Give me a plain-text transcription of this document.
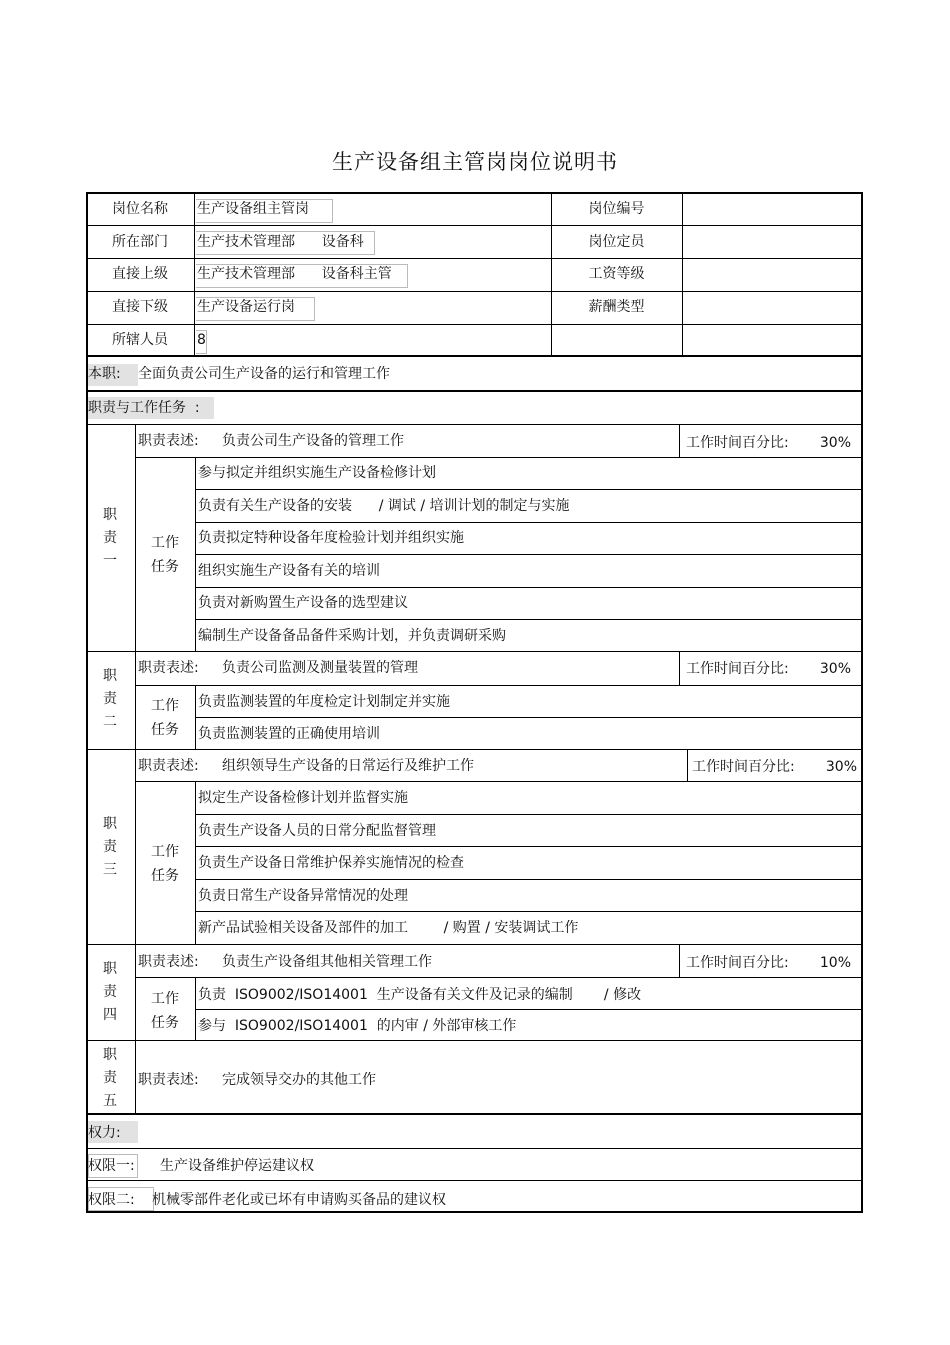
生产设备组主管岗岗位说明书
岗位名称	生产设备组主管岗	岗位编号
所在部门	生产技术管理部      设备科	岗位定员
直接上级	生产技术管理部      设备科主管	工资等级
直接下级	生产设备运行岗	薪酬类型
所辖人员	8
本职: 全面负责公司生产设备的运行和管理工作
职责与工作任务  :
职
责
一
职责表述: 负责公司生产设备的管理工作	工作时间百分比:	30%
工作
任务
参与拟定并组织实施生产设备检修计划
负责有关生产设备的安装      / 调试 / 培训计划的制定与实施
负责拟定特种设备年度检验计划并组织实施
组织实施生产设备有关的培训
负责对新购置生产设备的选型建议
编制生产设备备品备件采购计划，并负责调研采购
职
责
二
职责表述: 负责公司监测及测量装置的管理	工作时间百分比:	30%
工作
任务
负责监测装置的年度检定计划制定并实施
负责监测装置的正确使用培训
职
责
三
职责表述: 组织领导生产设备的日常运行及维护工作	工作时间百分比:	30%
工作
任务
拟定生产设备检修计划并监督实施
负责生产设备人员的日常分配监督管理
负责生产设备日常维护保养实施情况的检查
负责日常生产设备异常情况的处理
新产品试验相关设备及部件的加工        / 购置 / 安装调试工作
职
责
四
职责表述: 负责生产设备组其他相关管理工作	工作时间百分比:	10%
工作
任务
负责  ISO9002/ISO14001  生产设备有关文件及记录的编制       / 修改
参与  ISO9002/ISO14001  的内审 / 外部审核工作
职
责
五
职责表述: 完成领导交办的其他工作
权力:
权限一: 生产设备维护停运建议权
权限二: 机械零部件老化或已坏有申请购买备品的建议权
